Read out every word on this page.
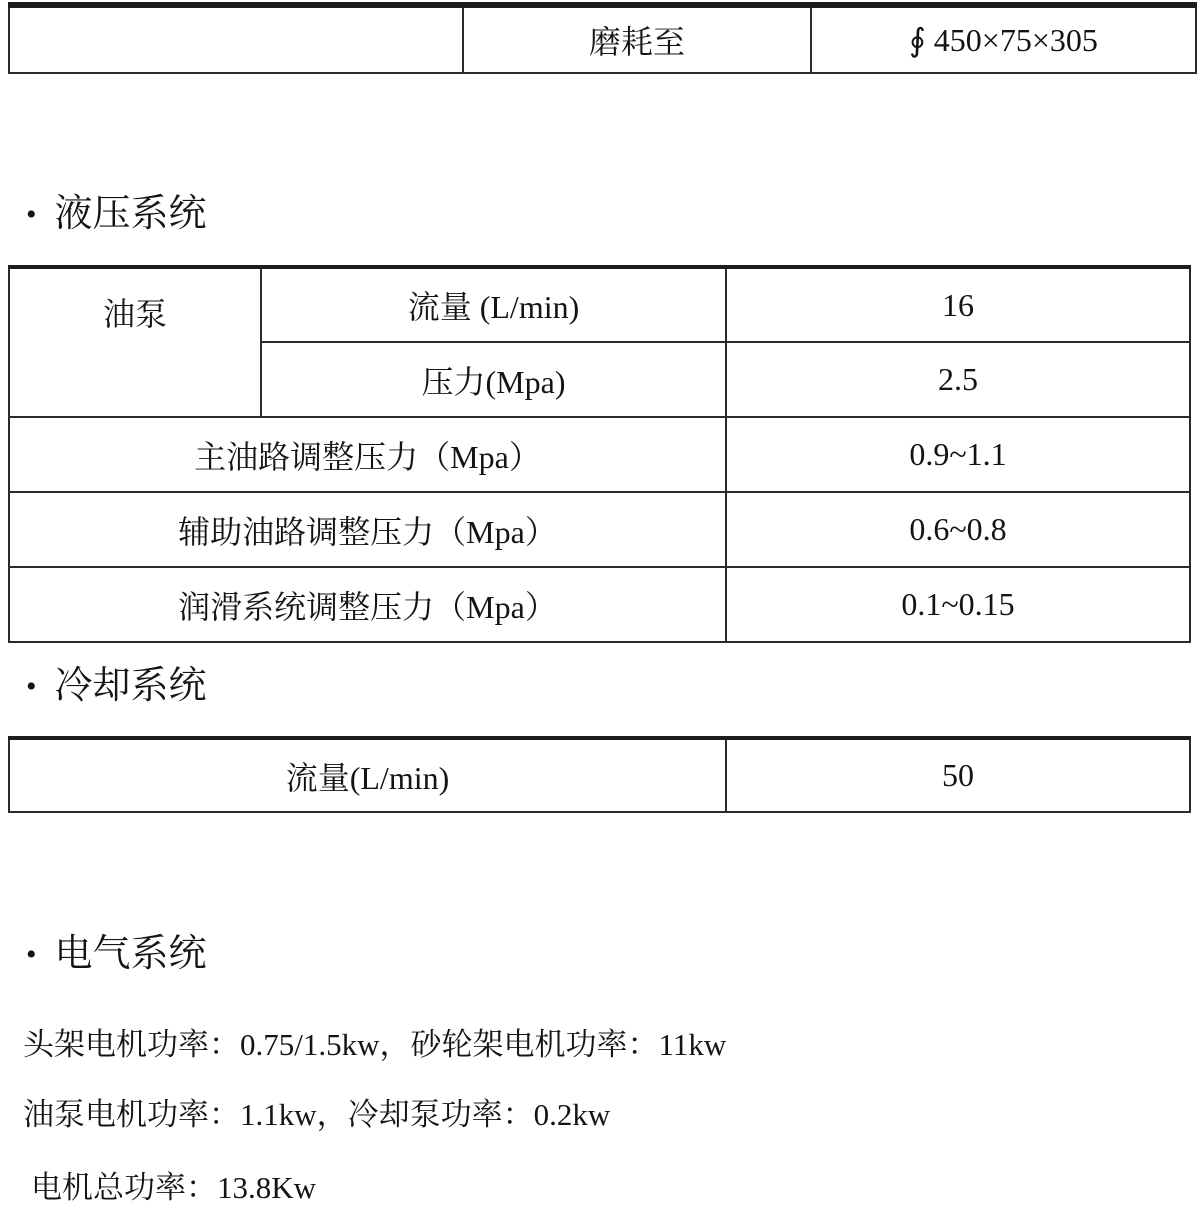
	磨耗至	∮ 450×75×305
• 液压系统
油泵	流量 (L/min)	16
	压力(Mpa)	2.5
主油路调整压力（Mpa）		0.9~1.1
辅助油路调整压力（Mpa）		0.6~0.8
润滑系统调整压力（Mpa）		0.1~0.15
• 冷却系统
流量(L/min)	50
• 电气系统
头架电机功率：0.75/1.5kw，砂轮架电机功率：11kw
油泵电机功率：1.1kw，冷却泵功率：0.2kw
电机总功率：13.8Kw
